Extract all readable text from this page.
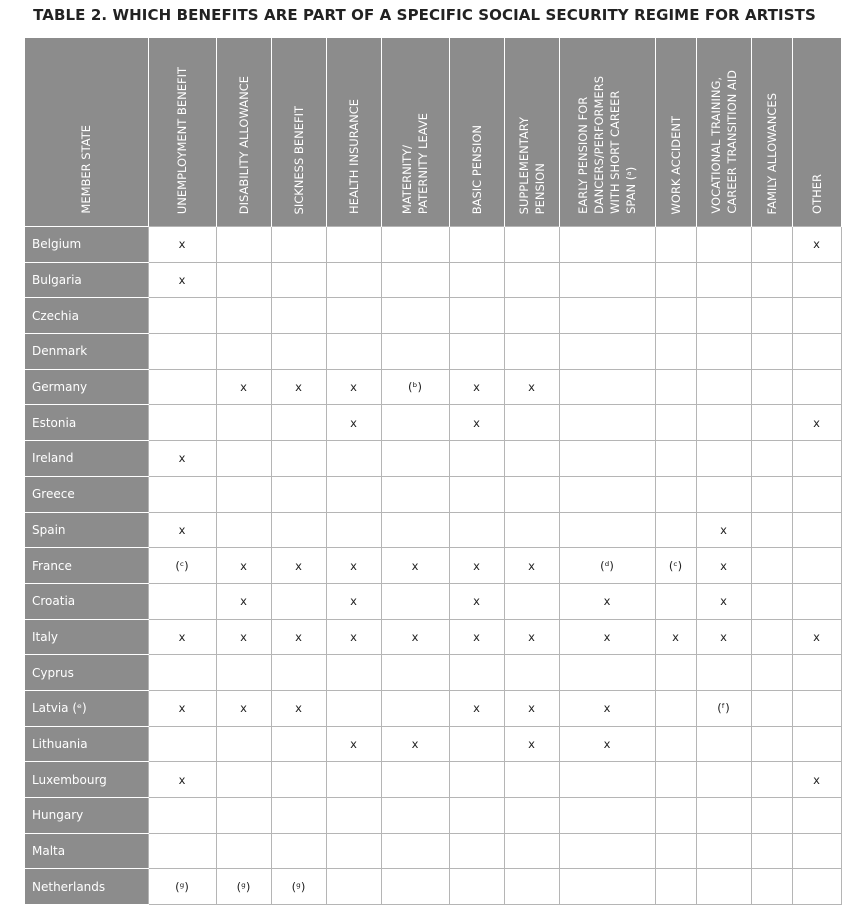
TABLE 2. WHICH BENEFITS ARE PART OF A SPECIFIC SOCIAL SECURITY REGIME FOR ARTISTS
MEMBER STATE	UNEMPLOYMENT BENEFIT	DISABILITY ALLOWANCE	SICKNESS BENEFIT	HEALTH INSURANCE	MATERNITY/
PATERNITY LEAVE	BASIC PENSION	SUPPLEMENTARY
PENSION	EARLY PENSION FOR
DANCERS/PERFORMERS
WITH SHORT CAREER
SPAN (ᵃ)	WORK ACCIDENT	VOCATIONAL TRAINING,
CAREER TRANSITION AID	FAMILY ALLOWANCES	OTHER

Belgium	x											x
Bulgaria	x											
Czechia												
Denmark												
Germany		x	x	x	(ᵇ)	x	x					
Estonia				x		x						x
Ireland	x											
Greece												
Spain	x									x		
France	(ᶜ)	x	x	x	x	x	x	(ᵈ)	(ᶜ)	x		
Croatia		x		x		x		x		x		
Italy	x	x	x	x	x	x	x	x	x	x		x
Cyprus												
Latvia (ᵉ)	x	x	x			x	x	x		(ᶠ)		
Lithuania				x	x		x	x				
Luxembourg	x											x
Hungary												
Malta												
Netherlands	(ᵍ)	(ᵍ)	(ᵍ)									
